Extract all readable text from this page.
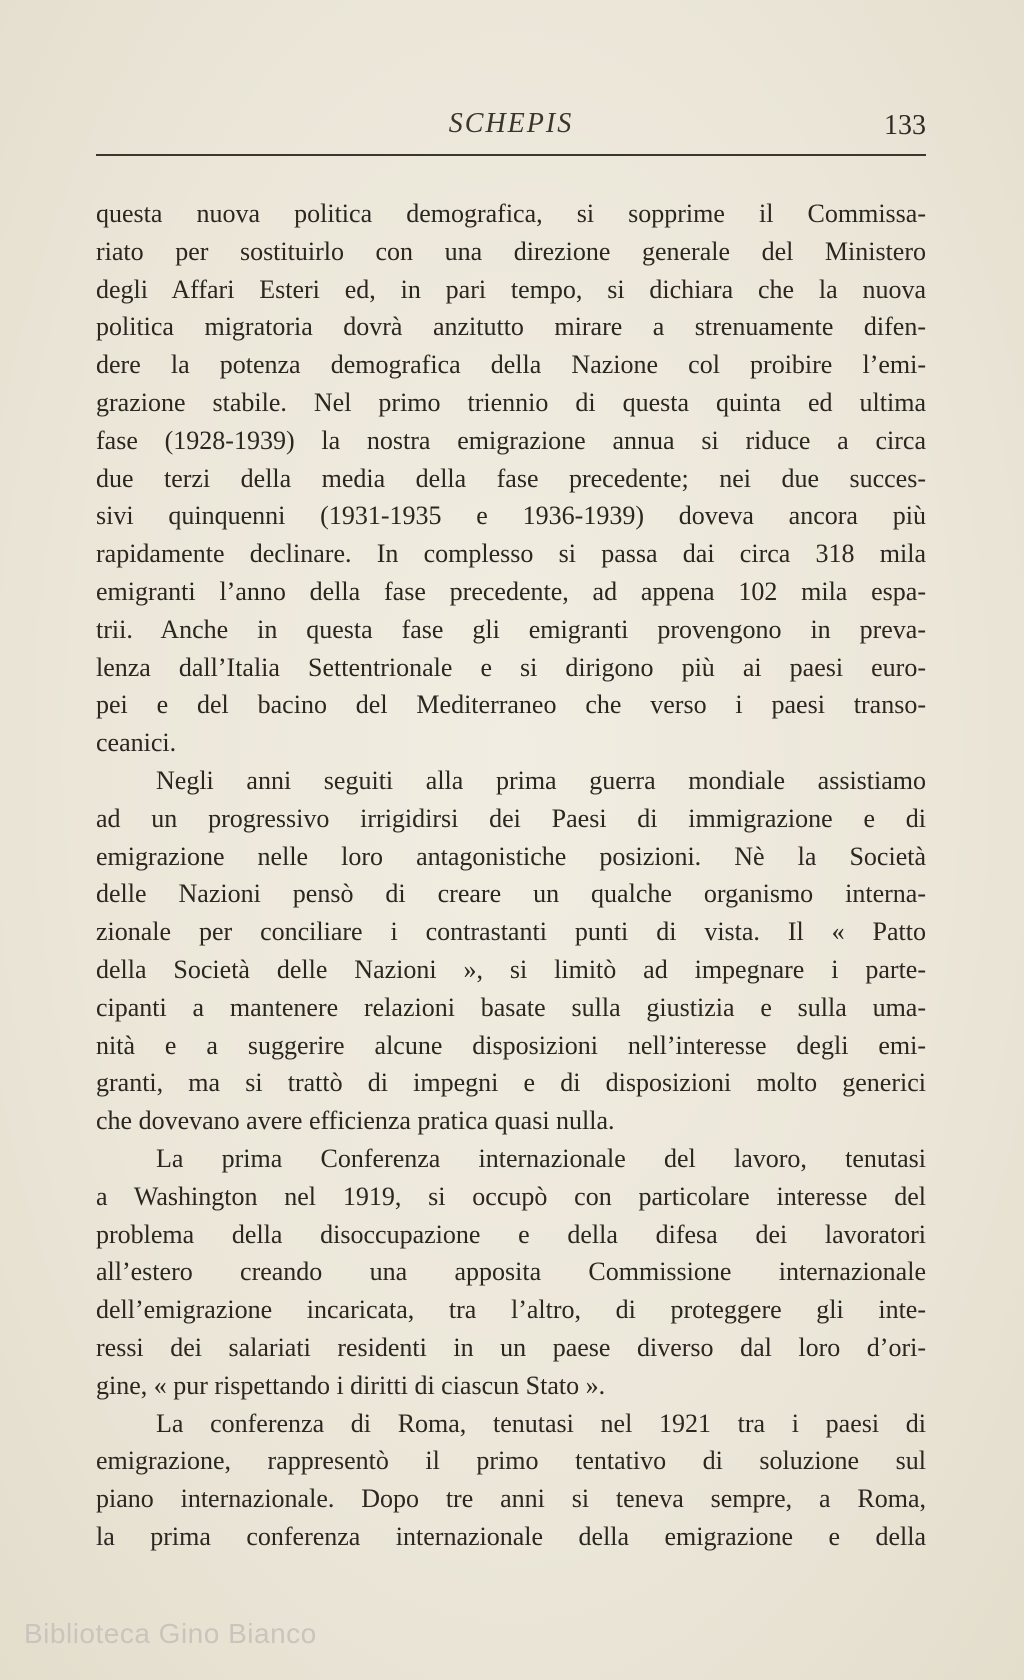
SCHEPIS	133

questa nuova politica demografica, si sopprime il Commissa-
riato per sostituirlo con una direzione generale del Ministero
degli Affari Esteri ed, in pari tempo, si dichiara che la nuova
politica migratoria dovrà anzitutto mirare a strenuamente difen-
dere la potenza demografica della Nazione col proibire l’emi-
grazione stabile. Nel primo triennio di questa quinta ed ultima
fase (1928-1939) la nostra emigrazione annua si riduce a circa
due terzi della media della fase precedente; nei due succes-
sivi quinquenni (1931-1935 e 1936-1939) doveva ancora più
rapidamente declinare. In complesso si passa dai circa 318 mila
emigranti l’anno della fase precedente, ad appena 102 mila espa-
trii. Anche in questa fase gli emigranti provengono in preva-
lenza dall’Italia Settentrionale e si dirigono più ai paesi euro-
pei e del bacino del Mediterraneo che verso i paesi transo-
ceanici.

Negli anni seguiti alla prima guerra mondiale assistiamo
ad un progressivo irrigidirsi dei Paesi di immigrazione e di
emigrazione nelle loro antagonistiche posizioni. Nè la Società
delle Nazioni pensò di creare un qualche organismo interna-
zionale per conciliare i contrastanti punti di vista. Il « Patto
della Società delle Nazioni », si limitò ad impegnare i parte-
cipanti a mantenere relazioni basate sulla giustizia e sulla uma-
nità e a suggerire alcune disposizioni nell’interesse degli emi-
granti, ma si trattò di impegni e di disposizioni molto generici
che dovevano avere efficienza pratica quasi nulla.

La prima Conferenza internazionale del lavoro, tenutasi
a Washington nel 1919, si occupò con particolare interesse del
problema della disoccupazione e della difesa dei lavoratori
all’estero creando una apposita Commissione internazionale
dell’emigrazione incaricata, tra l’altro, di proteggere gli inte-
ressi dei salariati residenti in un paese diverso dal loro d’ori-
gine, « pur rispettando i diritti di ciascun Stato ».

La conferenza di Roma, tenutasi nel 1921 tra i paesi di
emigrazione, rappresentò il primo tentativo di soluzione sul
piano internazionale. Dopo tre anni si teneva sempre, a Roma,
la prima conferenza internazionale della emigrazione e della

Biblioteca Gino Bianco
